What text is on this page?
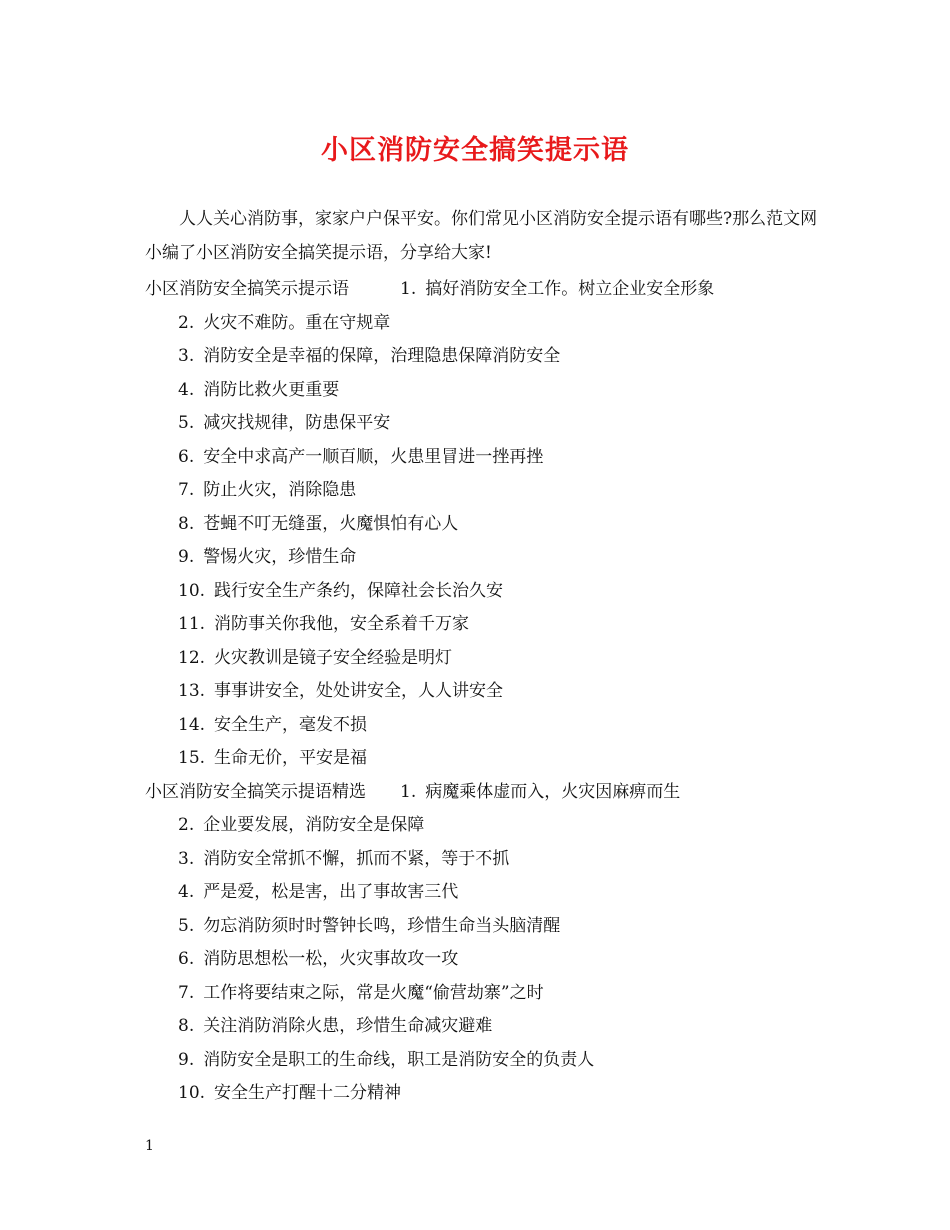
小区消防安全搞笑提示语
人人关心消防事，家家户户保平安。你们常见小区消防安全提示语有哪些?那么范文网小编了小区消防安全搞笑提示语，分享给大家!
小区消防安全搞笑示提示语	1. 搞好消防安全工作。树立企业安全形象
2. 火灾不难防。重在守规章
3. 消防安全是幸福的保障，治理隐患保障消防安全
4. 消防比救火更重要
5. 减灾找规律，防患保平安
6. 安全中求高产一顺百顺，火患里冒进一挫再挫
7. 防止火灾，消除隐患
8. 苍蝇不叮无缝蛋，火魔惧怕有心人
9. 警惕火灾，珍惜生命
10. 践行安全生产条约，保障社会长治久安
11. 消防事关你我他，安全系着千万家
12. 火灾教训是镜子安全经验是明灯
13. 事事讲安全，处处讲安全，人人讲安全
14. 安全生产，毫发不损
15. 生命无价，平安是福
小区消防安全搞笑示提语精选 1. 病魔乘体虚而入，火灾因麻痹而生
2. 企业要发展，消防安全是保障
3. 消防安全常抓不懈，抓而不紧，等于不抓
4. 严是爱，松是害，出了事故害三代
5. 勿忘消防须时时警钟长鸣，珍惜生命当头脑清醒
6. 消防思想松一松，火灾事故攻一攻
7. 工作将要结束之际，常是火魔“偷营劫寨”之时
8. 关注消防消除火患，珍惜生命减灾避难
9. 消防安全是职工的生命线，职工是消防安全的负责人
10. 安全生产打醒十二分精神
1
